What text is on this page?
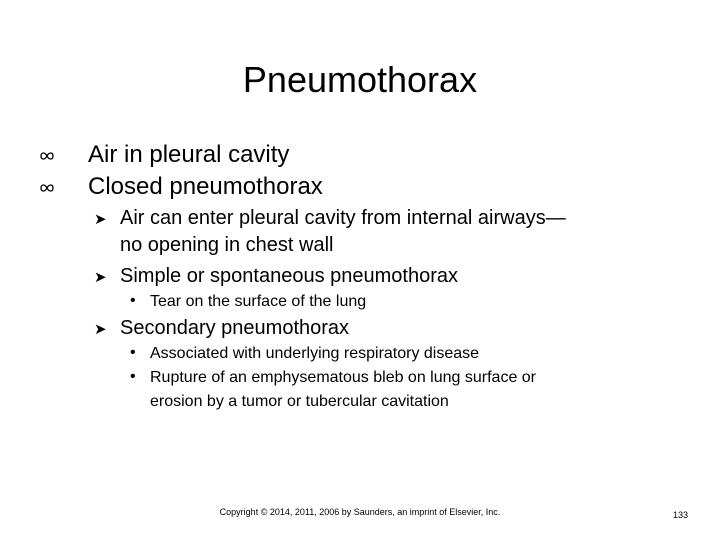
Pneumothorax
Air in pleural cavity
Closed pneumothorax
➤ Air can enter pleural cavity from internal airways—
no opening in chest wall
➤ Simple or spontaneous pneumothorax
• Tear on the surface of the lung
➤ Secondary pneumothorax
• Associated with underlying respiratory disease
• Rupture of an emphysematous bleb on lung surface or
erosion by a tumor or tubercular cavitation
Copyright © 2014, 2011, 2006 by Saunders, an imprint of Elsevier, Inc.	133
